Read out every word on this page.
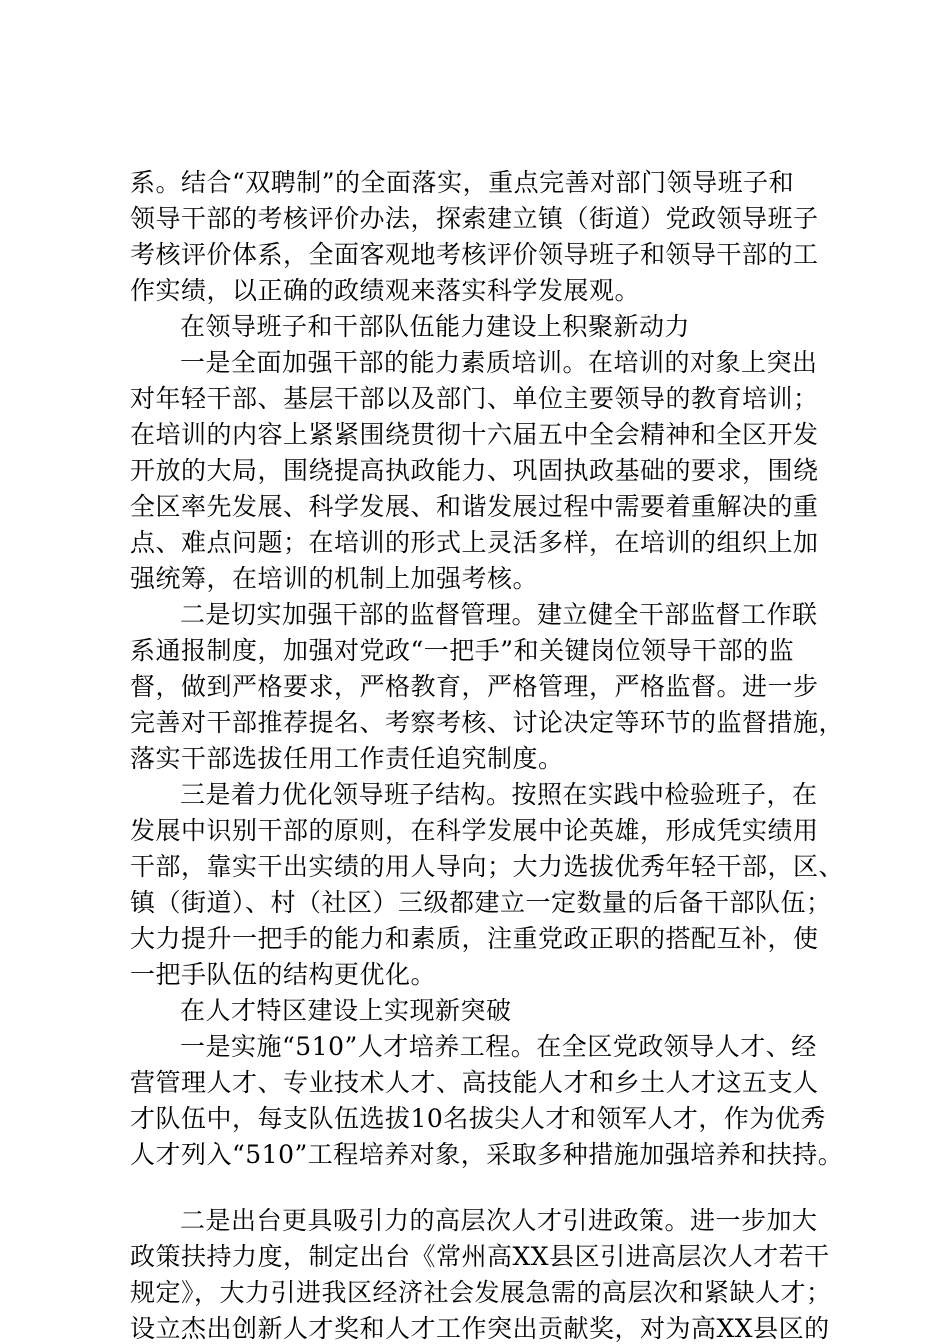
系。结合“双聘制”的全面落实，重点完善对部门领导班子和
领导干部的考核评价办法，探索建立镇（街道）党政领导班子
考核评价体系，全面客观地考核评价领导班子和领导干部的工
作实绩，以正确的政绩观来落实科学发展观。
在领导班子和干部队伍能力建设上积聚新动力
一是全面加强干部的能力素质培训。在培训的对象上突出
对年轻干部、基层干部以及部门、单位主要领导的教育培训；
在培训的内容上紧紧围绕贯彻十六届五中全会精神和全区开发
开放的大局，围绕提高执政能力、巩固执政基础的要求，围绕
全区率先发展、科学发展、和谐发展过程中需要着重解决的重
点、难点问题；在培训的形式上灵活多样，在培训的组织上加
强统筹，在培训的机制上加强考核。
二是切实加强干部的监督管理。建立健全干部监督工作联
系通报制度，加强对党政“一把手”和关键岗位领导干部的监
督，做到严格要求，严格教育，严格管理，严格监督。进一步
完善对干部推荐提名、考察考核、讨论决定等环节的监督措施，
落实干部选拔任用工作责任追究制度。
三是着力优化领导班子结构。按照在实践中检验班子，在
发展中识别干部的原则，在科学发展中论英雄，形成凭实绩用
干部，靠实干出实绩的用人导向；大力选拔优秀年轻干部，区、
镇（街道）、村（社区）三级都建立一定数量的后备干部队伍；
大力提升一把手的能力和素质，注重党政正职的搭配互补，使
一把手队伍的结构更优化。
在人才特区建设上实现新突破
一是实施“510”人才培养工程。在全区党政领导人才、经
营管理人才、专业技术人才、高技能人才和乡土人才这五支人
才队伍中，每支队伍选拔10名拔尖人才和领军人才，作为优秀
人才列入“510”工程培养对象，采取多种措施加强培养和扶持。
二是出台更具吸引力的高层次人才引进政策。进一步加大
政策扶持力度，制定出台《常州高XX县区引进高层次人才若干
规定》，大力引进我区经济社会发展急需的高层次和紧缺人才；
设立杰出创新人才奖和人才工作突出贡献奖，对为高XX县区的
